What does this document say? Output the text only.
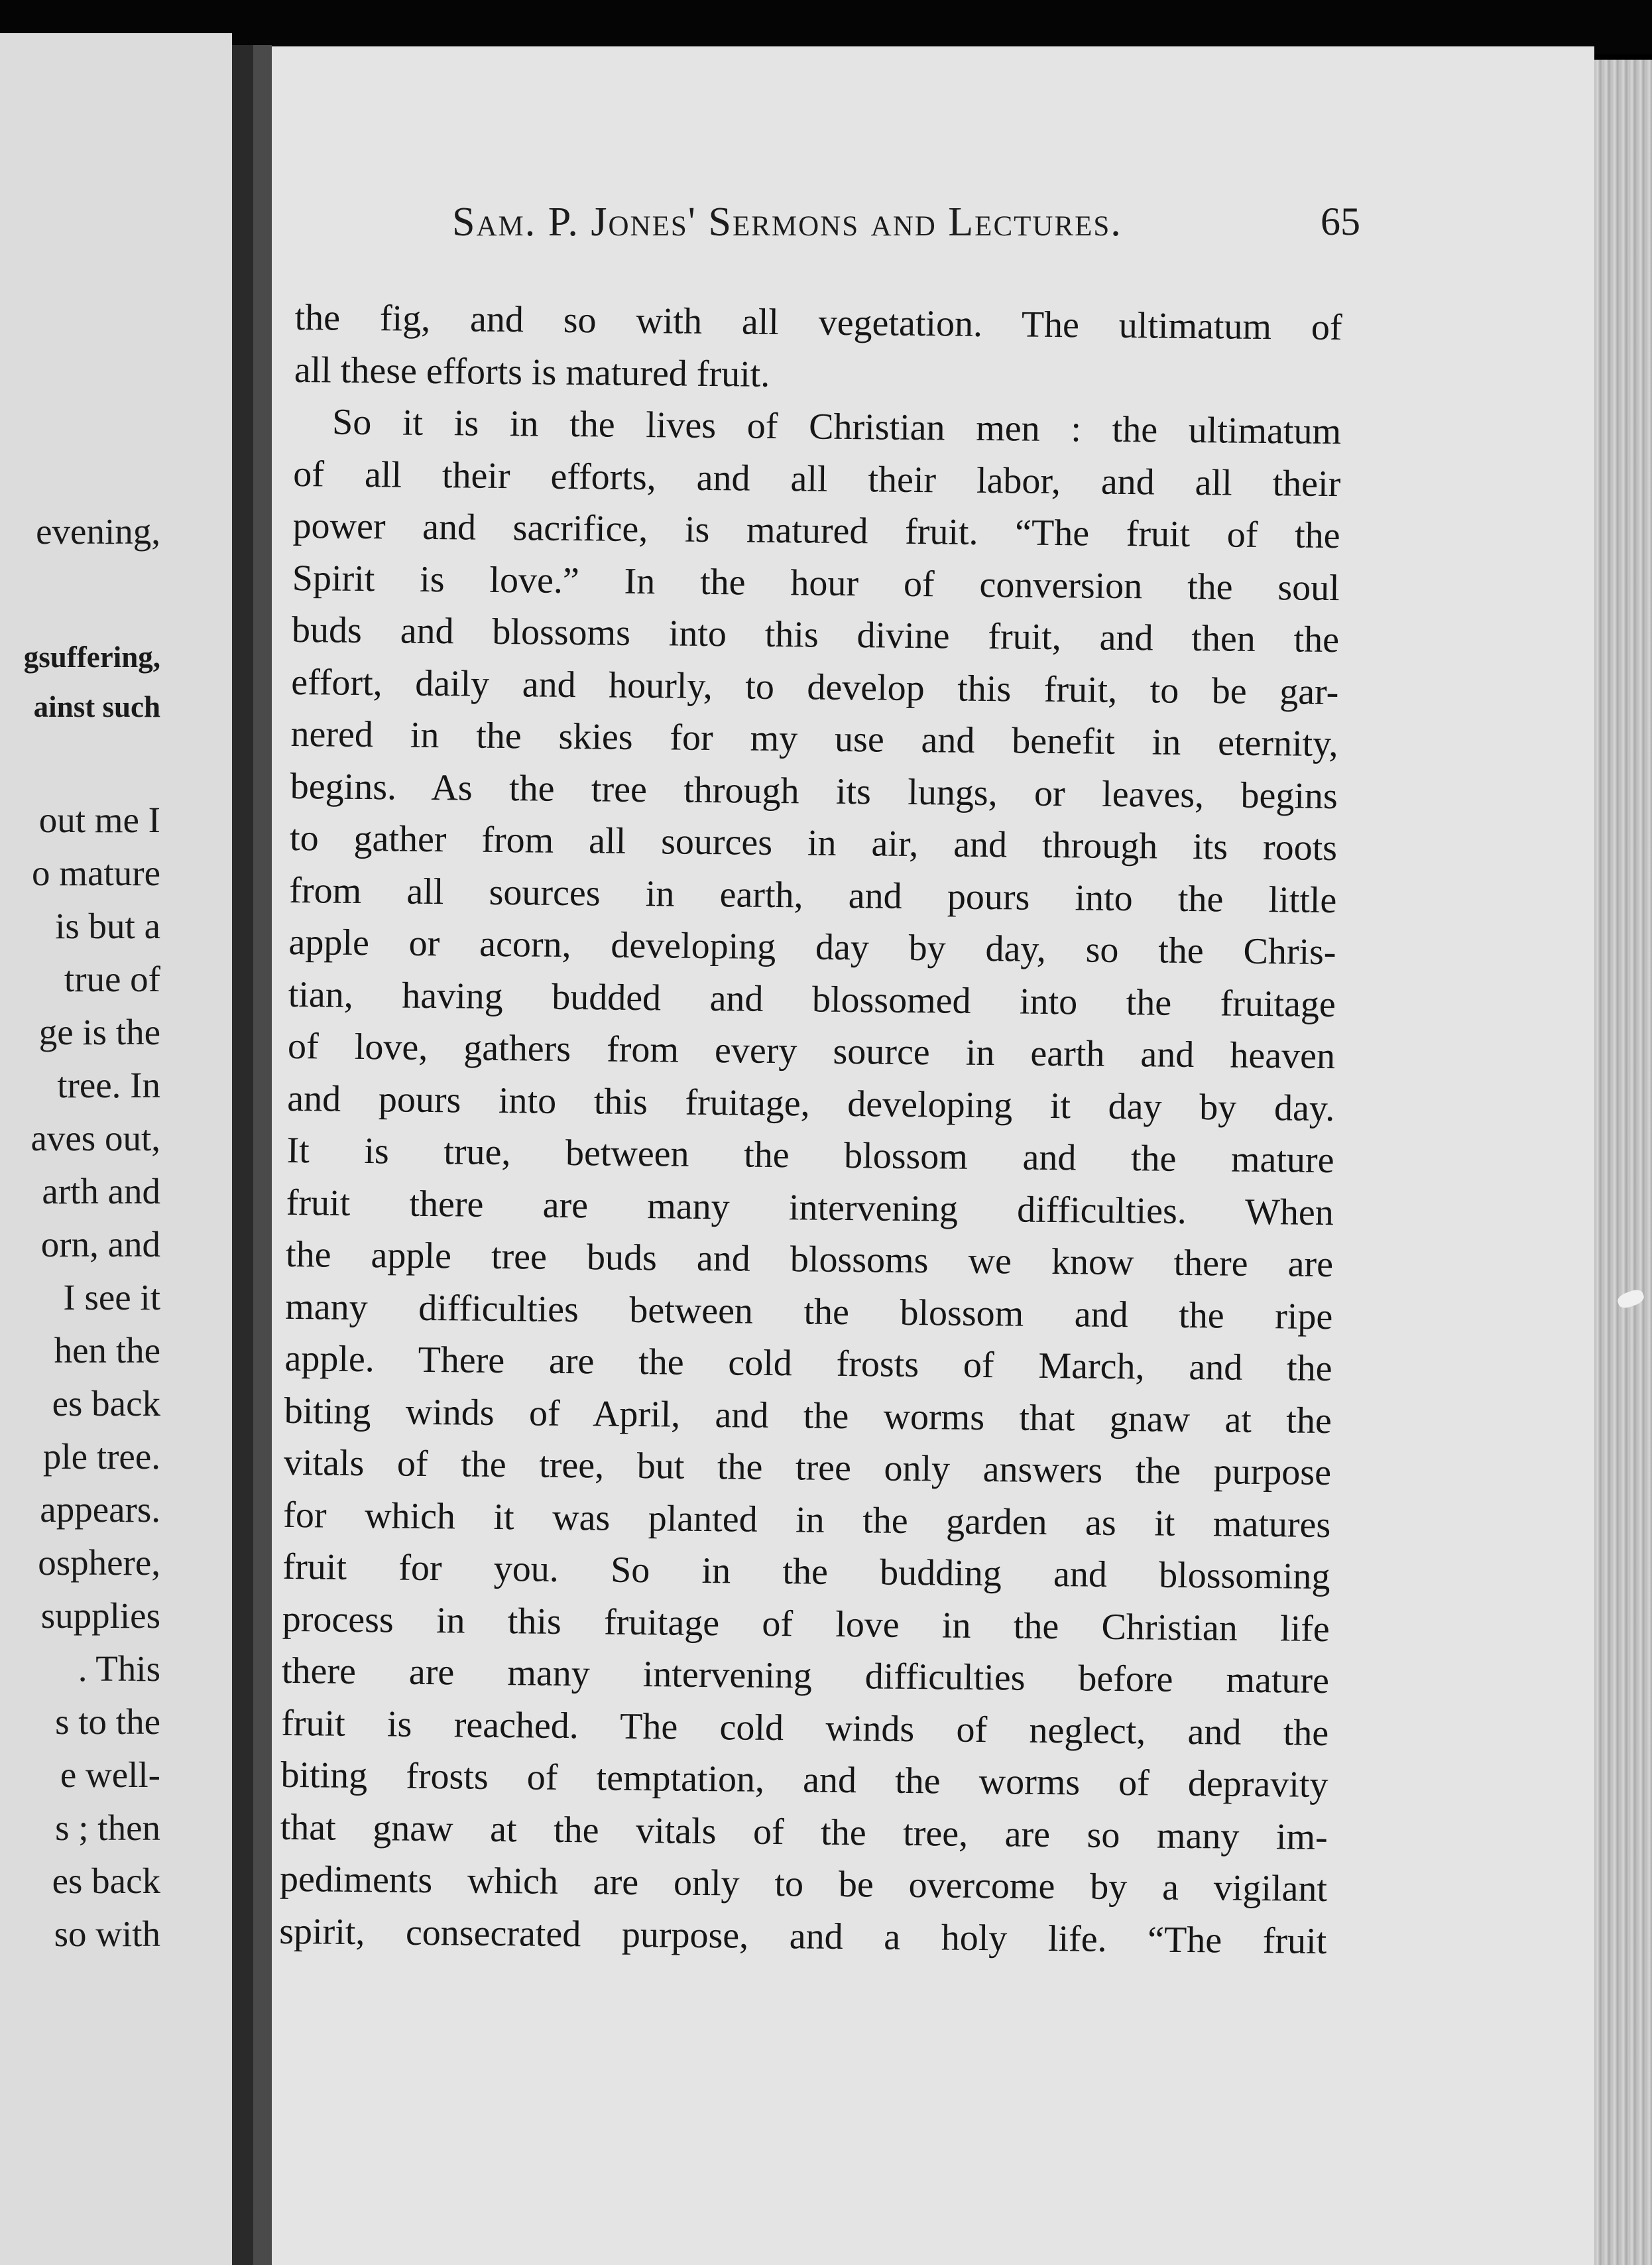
evening,
gsuffering,
ainst such
out me I
o mature
is but a
true of
ge is the
tree. In
aves out,
arth and
orn, and
I see it
hen the
es back
ple tree.
appears.
osphere,
supplies
. This
s to the
e well-
s ; then
es back
so with
Sam. P. Jones' Sermons and Lectures.	65
the fig, and so with all vegetation. The ultimatum of
all these efforts is matured fruit.
So it is in the lives of Christian men : the ultimatum
of all their efforts, and all their labor, and all their
power and sacrifice, is matured fruit. “The fruit of the
Spirit is love.” In the hour of conversion the soul
buds and blossoms into this divine fruit, and then the
effort, daily and hourly, to develop this fruit, to be gar-
nered in the skies for my use and benefit in eternity,
begins. As the tree through its lungs, or leaves, begins
to gather from all sources in air, and through its roots
from all sources in earth, and pours into the little
apple or acorn, developing day by day, so the Chris-
tian, having budded and blossomed into the fruitage
of love, gathers from every source in earth and heaven
and pours into this fruitage, developing it day by day.
It is true, between the blossom and the mature
fruit there are many intervening difficulties. When
the apple tree buds and blossoms we know there are
many difficulties between the blossom and the ripe
apple. There are the cold frosts of March, and the
biting winds of April, and the worms that gnaw at the
vitals of the tree, but the tree only answers the purpose
for which it was planted in the garden as it matures
fruit for you. So in the budding and blossoming
process in this fruitage of love in the Christian life
there are many intervening difficulties before mature
fruit is reached. The cold winds of neglect, and the
biting frosts of temptation, and the worms of depravity
that gnaw at the vitals of the tree, are so many im-
pediments which are only to be overcome by a vigilant
spirit, consecrated purpose, and a holy life. “The fruit
